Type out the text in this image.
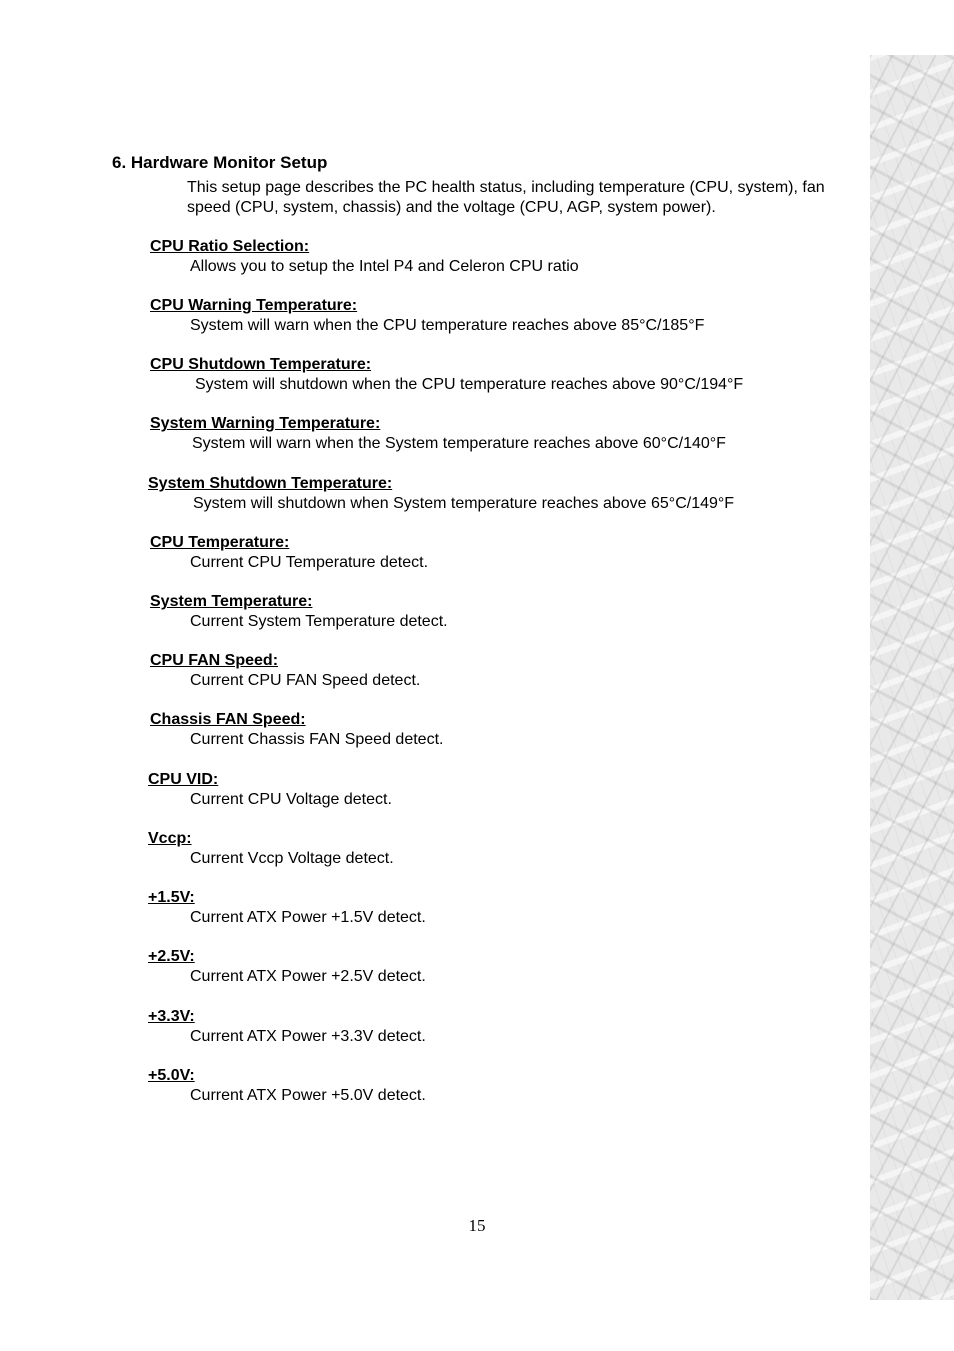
6. Hardware Monitor Setup

This setup page describes the PC health status, including temperature (CPU, system), fan speed (CPU, system, chassis) and the voltage (CPU, AGP, system power).

CPU Ratio Selection:
Allows you to setup the Intel P4 and Celeron CPU ratio
CPU Warning Temperature:
System will warn when the CPU temperature reaches above 85°C/185°F
CPU Shutdown Temperature:
System will shutdown when the CPU temperature reaches above 90°C/194°F
System Warning Temperature:
System will warn when the System temperature reaches above 60°C/140°F
System Shutdown Temperature:
System will shutdown when System temperature reaches above 65°C/149°F
CPU Temperature:
Current CPU Temperature detect.
System Temperature:
Current System Temperature detect.
CPU FAN Speed:
Current CPU FAN Speed detect.
Chassis FAN Speed:
Current Chassis FAN Speed detect.
CPU VID:
Current CPU Voltage detect.
Vccp:
Current Vccp Voltage detect.
+1.5V:
Current ATX Power +1.5V detect.
+2.5V:
Current ATX Power +2.5V detect.
+3.3V:
Current ATX Power +3.3V detect.
+5.0V:
Current ATX Power +5.0V detect.
15
